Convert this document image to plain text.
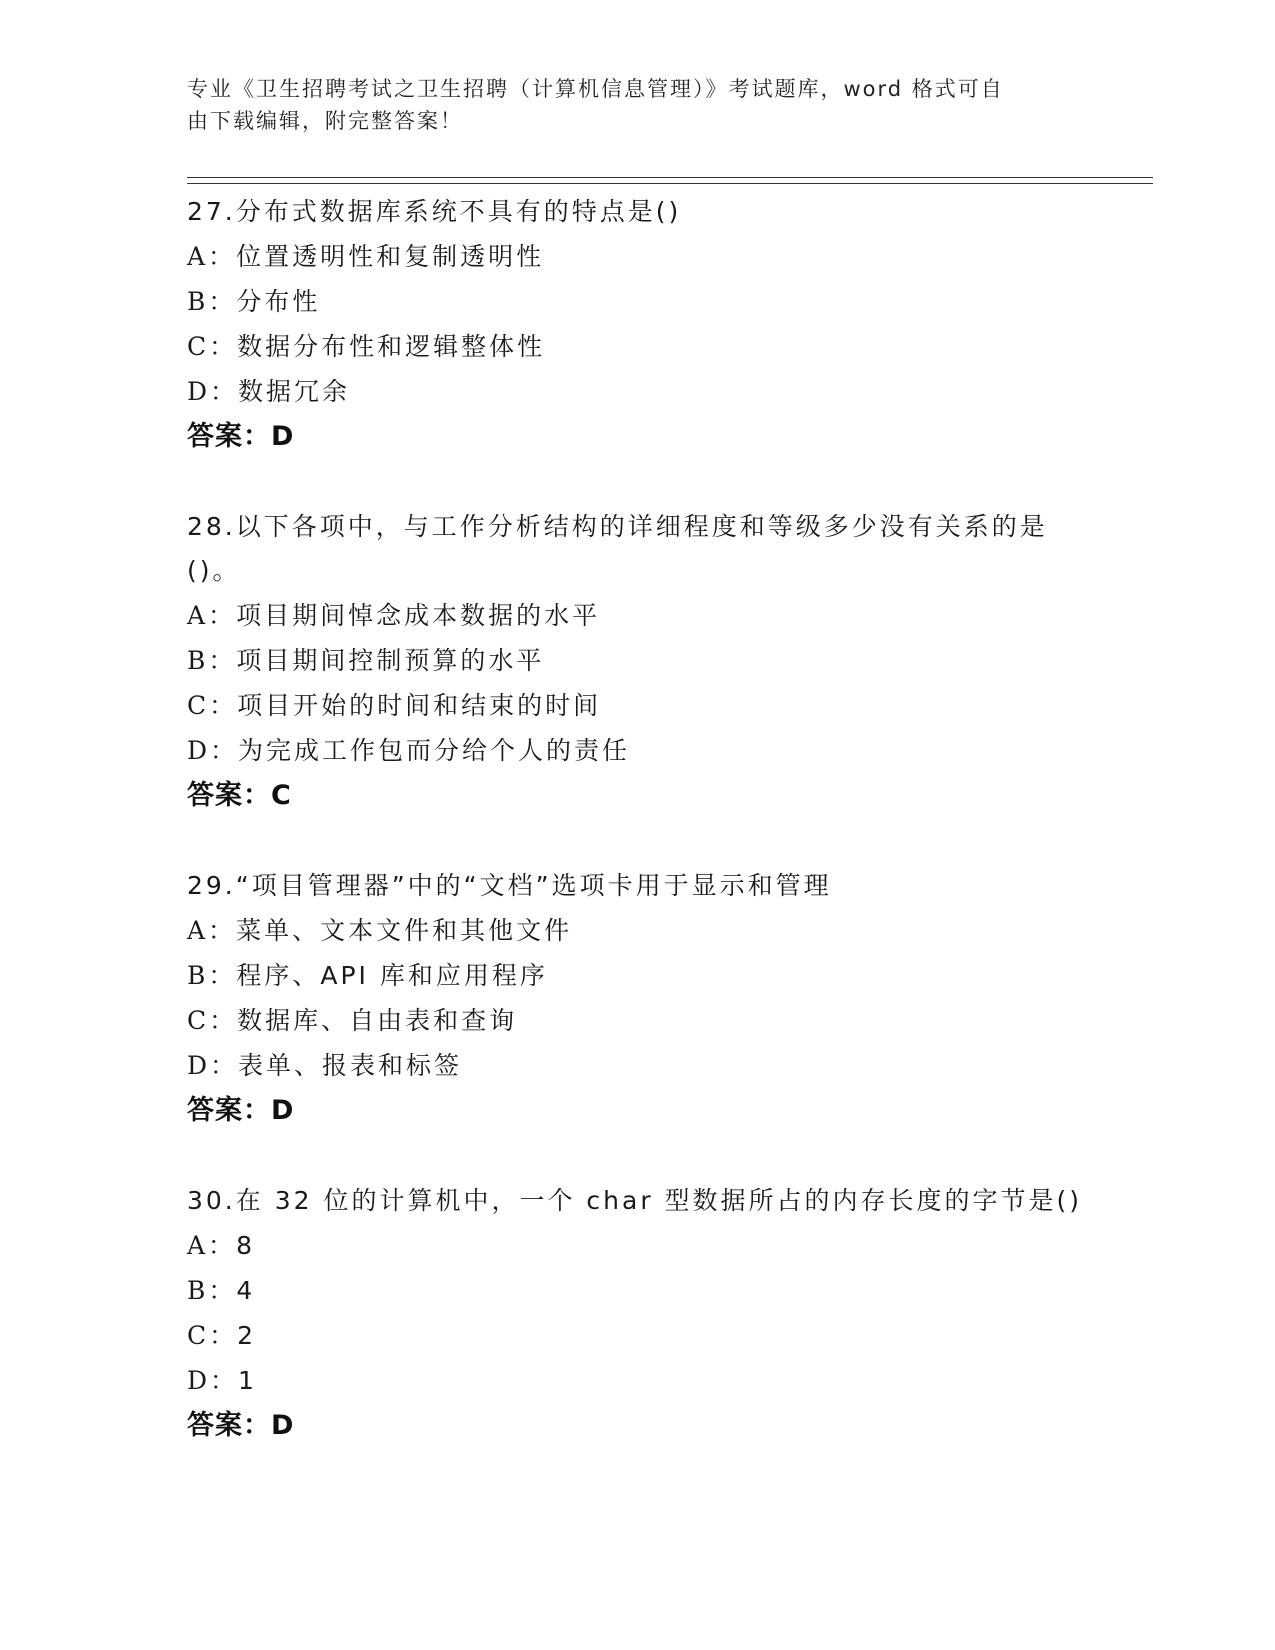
专业《卫生招聘考试之卫生招聘（计算机信息管理）》考试题库，word 格式可自
由下载编辑，附完整答案！
27.分布式数据库系统不具有的特点是()
A：位置透明性和复制透明性
B：分布性
C：数据分布性和逻辑整体性
D：数据冗余
答案：D
28.以下各项中，与工作分析结构的详细程度和等级多少没有关系的是
()。
A：项目期间悼念成本数据的水平
B：项目期间控制预算的水平
C：项目开始的时间和结束的时间
D：为完成工作包而分给个人的责任
答案：C
29.“项目管理器”中的“文档”选项卡用于显示和管理
A：菜单、文本文件和其他文件
B：程序、API 库和应用程序
C：数据库、自由表和查询
D：表单、报表和标签
答案：D
30.在 32 位的计算机中，一个 char 型数据所占的内存长度的字节是()
A：8
B：4
C：2
D：1
答案：D
